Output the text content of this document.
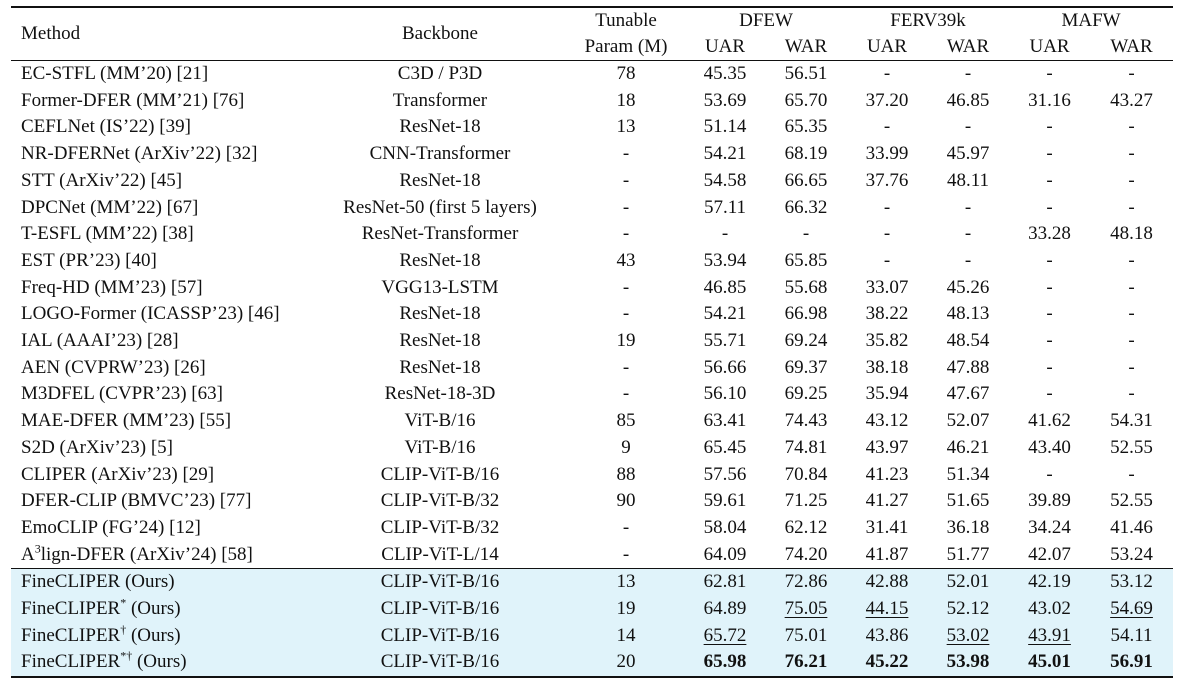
Method	Backbone	Tunable	DFEW		FERV39k		MAFW	
		Param (M)	UAR	WAR	UAR	WAR	UAR	WAR
EC-STFL (MM’20) [21]	C3D / P3D	78	45.35	56.51	-	-	-	-
Former-DFER (MM’21) [76]	Transformer	18	53.69	65.70	37.20	46.85	31.16	43.27
CEFLNet (IS’22) [39]	ResNet-18	13	51.14	65.35	-	-	-	-
NR-DFERNet (ArXiv’22) [32]	CNN-Transformer	-	54.21	68.19	33.99	45.97	-	-
STT (ArXiv’22) [45]	ResNet-18	-	54.58	66.65	37.76	48.11	-	-
DPCNet (MM’22) [67]	ResNet-50 (first 5 layers)	-	57.11	66.32	-	-	-	-
T-ESFL (MM’22) [38]	ResNet-Transformer	-	-	-	-	-	33.28	48.18
EST (PR’23) [40]	ResNet-18	43	53.94	65.85	-	-	-	-
Freq-HD (MM’23) [57]	VGG13-LSTM	-	46.85	55.68	33.07	45.26	-	-
LOGO-Former (ICASSP’23) [46]	ResNet-18	-	54.21	66.98	38.22	48.13	-	-
IAL (AAAI’23) [28]	ResNet-18	19	55.71	69.24	35.82	48.54	-	-
AEN (CVPRW’23) [26]	ResNet-18	-	56.66	69.37	38.18	47.88	-	-
M3DFEL (CVPR’23) [63]	ResNet-18-3D	-	56.10	69.25	35.94	47.67	-	-
MAE-DFER (MM’23) [55]	ViT-B/16	85	63.41	74.43	43.12	52.07	41.62	54.31
S2D (ArXiv’23) [5]	ViT-B/16	9	65.45	74.81	43.97	46.21	43.40	52.55
CLIPER (ArXiv’23) [29]	CLIP-ViT-B/16	88	57.56	70.84	41.23	51.34	-	-
DFER-CLIP (BMVC’23) [77]	CLIP-ViT-B/32	90	59.61	71.25	41.27	51.65	39.89	52.55
EmoCLIP (FG’24) [12]	CLIP-ViT-B/32	-	58.04	62.12	31.41	36.18	34.24	41.46
$A^3lign$-DFER (ArXiv’24) [58]	CLIP-ViT-L/14	-	64.09	74.20	41.87	51.77	42.07	53.24
FineCLIPER (Ours)	CLIP-ViT-B/16	13	62.81	72.86	42.88	52.01	42.19	53.12
FineCLIPER* (Ours)	CLIP-ViT-B/16	19	64.89	75.05	44.15	52.12	43.02	54.69
FineCLIPER† (Ours)	CLIP-ViT-B/16	14	65.72	75.01	43.86	53.02	43.91	54.11
FineCLIPER*† (Ours)	CLIP-ViT-B/16	20	65.98	76.21	45.22	53.98	45.01	56.91
